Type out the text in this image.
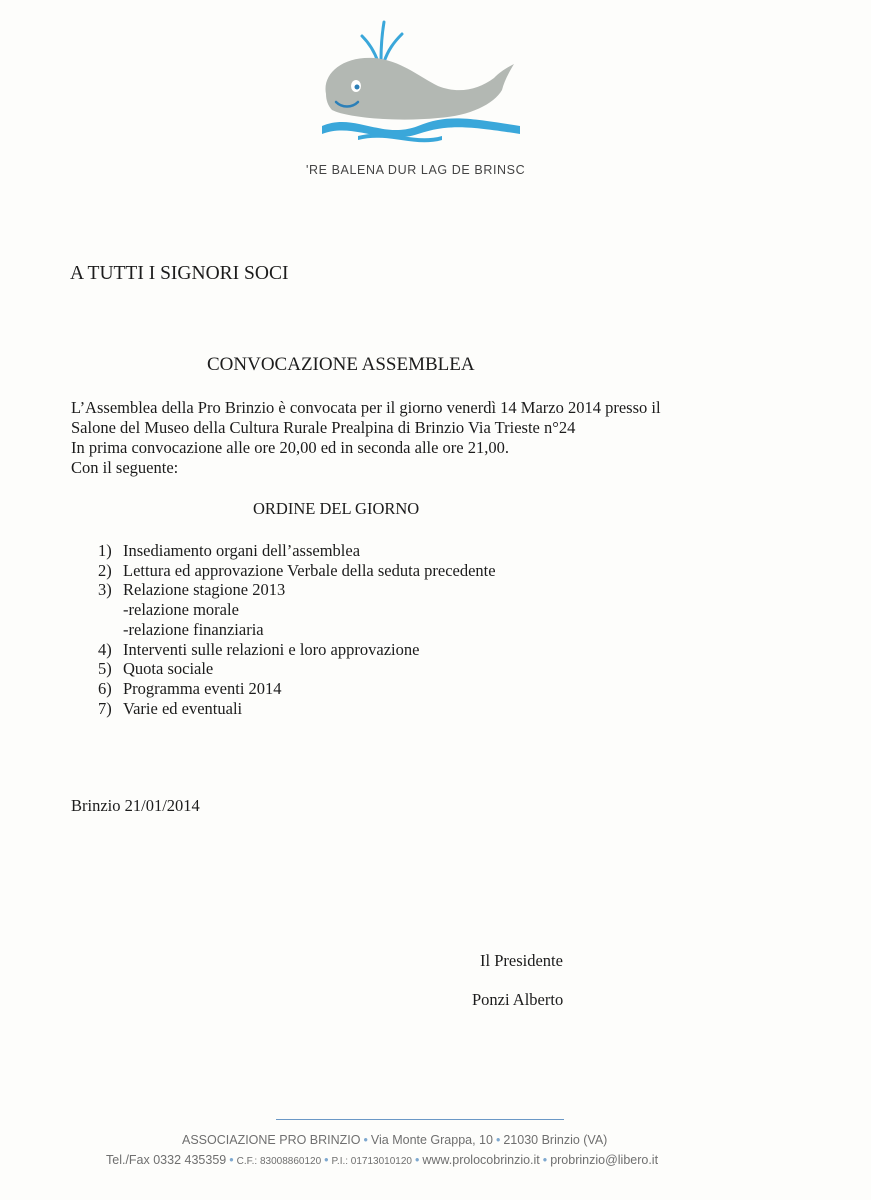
'RE BALENA DUR LAG DE BRINSC
A TUTTI I SIGNORI SOCI
CONVOCAZIONE ASSEMBLEA
L’Assemblea della Pro Brinzio è convocata per il giorno venerdì 14 Marzo 2014 presso il
Salone del Museo della Cultura Rurale Prealpina di Brinzio Via Trieste n°24
In prima convocazione alle ore 20,00 ed in seconda alle ore 21,00.
Con il seguente:
ORDINE DEL GIORNO
1) Insediamento organi dell’assemblea
2) Lettura ed approvazione Verbale della seduta precedente
3) Relazione stagione 2013
-relazione morale
-relazione finanziaria
4) Interventi sulle relazioni e loro approvazione
5) Quota sociale
6) Programma eventi 2014
7) Varie ed eventuali
Brinzio 21/01/2014
Il Presidente
Ponzi Alberto
ASSOCIAZIONE PRO BRINZIO • Via Monte Grappa, 10 • 21030 Brinzio (VA)
Tel./Fax 0332 435359 • C.F.: 83008860120 • P.I.: 01713010120 • www.prolocobrinzio.it • probrinzio@libero.it
